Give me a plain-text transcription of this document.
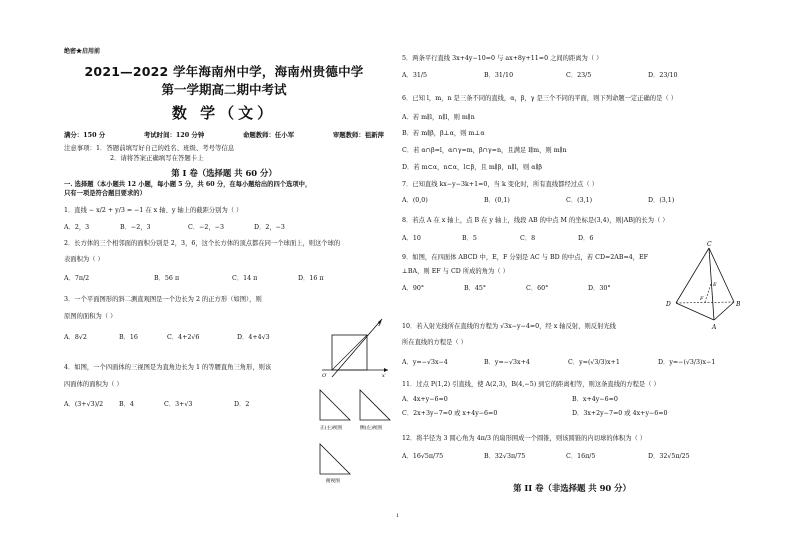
绝密★启用前
2021—2022 学年海南州中学，海南州贵德中学
第一学期高二期中考试
数 学（文）
满分：150 分	考试时间：120 分钟	命题教师：任小军	审题教师：祖新萍
注意事项：1．答题前填写好自己的姓名、班级、考号等信息
2．请将答案正确填写在答题卡上
第 I 卷（选择题 共 60 分）
一. 选择题（本小题共 12 小题，每小题 5 分，共 60 分，在每小题给出的四个选项中，
只有一项是符合题目要求的）
1．直线 − x/2 + y/3 = −1 在 x 轴、y 轴上的截距分别为（ ）
A．2，3	B．−2，3	C．−2，−3	D．2，−3
2．长方体的三个相邻面的面积分别是 2，3，6，这个长方体的顶点都在同一个球面上，则这个球的
表面积为（ ）
A．7π/2	B．56 π	C．14 π	D．16 π
3．一个平面图形的斜二测直观图是一个边长为 2 的正方形（如图），则
原图的面积为（ ）
A．8√2	B．16	C．4+2√6	D．4+4√3
4．如图，一个四面体的三视图是为直角边长为 1 的等腰直角三角形，则该
四面体的面积为（ ）
A．(3+√3)/2	B．4	C．3+√3	D．2
y′
x′
O′
正(主)视图	侧(左)视图
俯视图
5．两条平行直线 3x+4y−10=0 与 ax+8y+11=0 之间的距离为（ ）
A．31/5	B．31/10	C．23/5	D．23/10
6．已知 l，m，n 是三条不同的直线，α，β，γ 是三个不同的平面，则下列命题一定正确的是（ ）
A．若 m∥l，n∥l，则 m∥n
B．若 m∥β，β⊥α，则 m⊥α
C．若 α∩β=l，α∩γ=m，β∩γ=n，且满足 l∥m，则 m∥n
D．若 m⊂α，n⊂α，l⊂β，且 m∥β，n∥l，则 α∥β
7．已知直线 kx−y−3k+1=0，当 k 变化时，所有直线都经过点（ ）
A．(0,0)	B．(0,1)	C．(3,1)	D．(3,1)
8．若点 A 在 x 轴上，点 B 在 y 轴上，线段 AB 的中点 M 的坐标是(3,4)，则|AB|的长为（ ）
A．10	B．5	C．8	D．6
9．如图，在四面体 ABCD 中，E，F 分别是 AC 与 BD 的中点，若 CD=2AB=4，EF
⊥BA，则 EF 与 CD 所成的角为（ ）
A．90°	B．45°	C．60°	D．30°
10．若入射光线所在直线的方程为 √3x−y−4=0，经 x 轴反射，则反射光线
所在直线的方程是（ ）
A．y=−√3x−4	B．y=−√3x+4	C．y=(√3/3)x+1	D．y=−(√3/3)x−1
11．过点 P(1,2) 引直线，使 A(2,3)，B(4,−5) 到它的距离相等，则这条直线的方程是（ ）
A．4x+y−6=0	B．x+4y−6=0
C．2x+3y−7=0 或 x+4y−6=0	D．3x+2y−7=0 或 4x+y−6=0
12．将半径为 3 圆心角为 4π/3 的扇形围成一个圆锥，则该圆锥的内切球的体积为（ ）
A．16√5π/75	B．32√3π/75	C．16π/5	D．32√5π/25
第 II 卷（非选择题 共 90 分）
C
D	B
A
E
F
1
